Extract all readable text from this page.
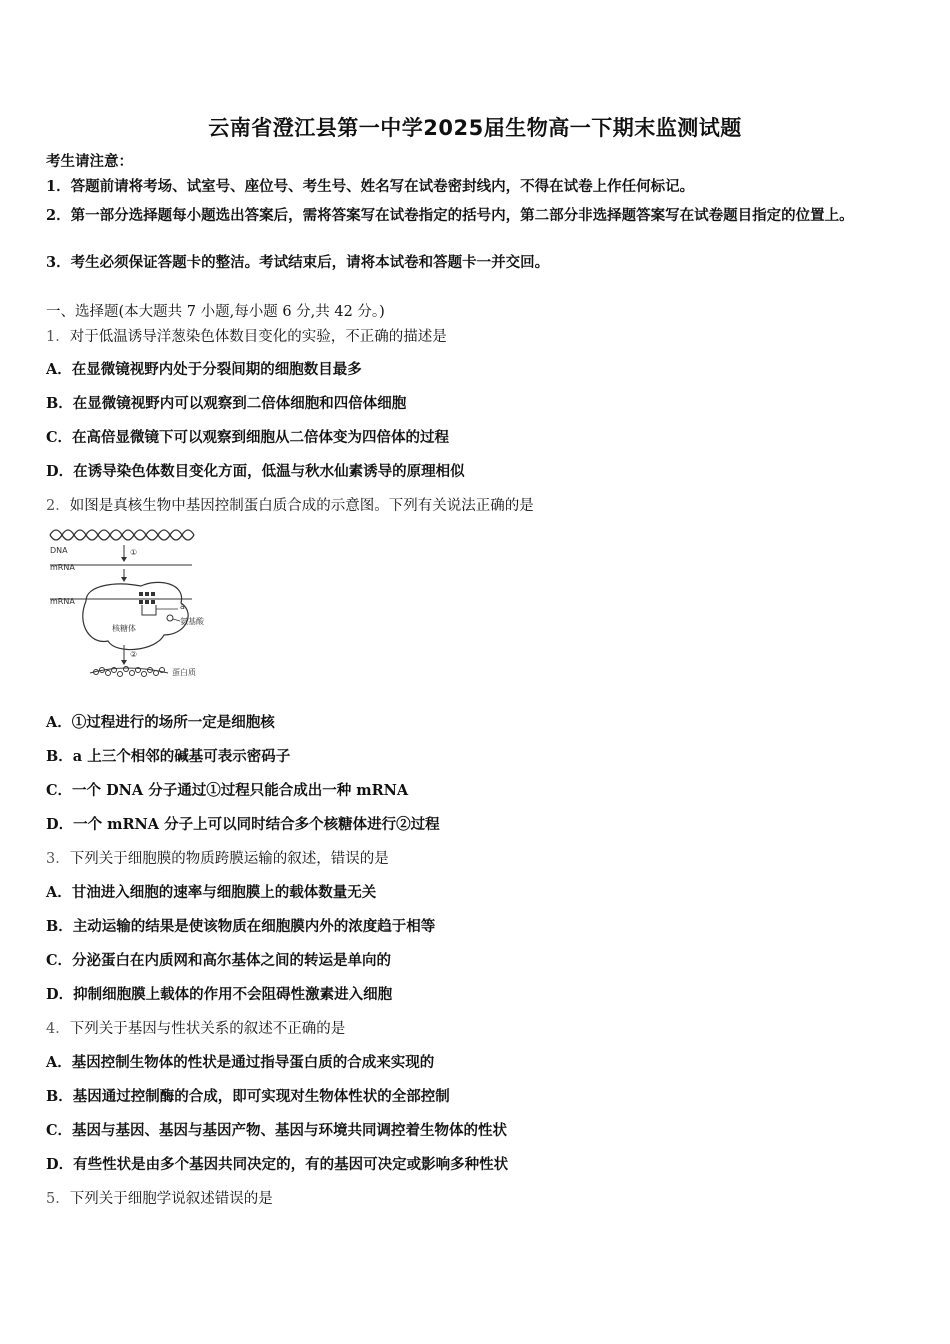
云南省澄江县第一中学2025届生物高一下期末监测试题
考生请注意：
1．答题前请将考场、试室号、座位号、考生号、姓名写在试卷密封线内，不得在试卷上作任何标记。
2．第一部分选择题每小题选出答案后，需将答案写在试卷指定的括号内，第二部分非选择题答案写在试卷题目指定的位置上。
3．考生必须保证答题卡的整洁。考试结束后，请将本试卷和答题卡一并交回。
一、选择题(本大题共 7 小题,每小题 6 分,共 42 分。)
1．对于低温诱导洋葱染色体数目变化的实验，不正确的描述是
A．在显微镜视野内处于分裂间期的细胞数目最多
B．在显微镜视野内可以观察到二倍体细胞和四倍体细胞
C．在高倍显微镜下可以观察到细胞从二倍体变为四倍体的过程
D．在诱导染色体数目变化方面，低温与秋水仙素诱导的原理相似
2．如图是真核生物中基因控制蛋白质合成的示意图。下列有关说法正确的是
DNA	①
mRNA
核糖体
mRNA
a
氨基酸
②
蛋白质
A．①过程进行的场所一定是细胞核
B．a 上三个相邻的碱基可表示密码子
C．一个 DNA 分子通过①过程只能合成出一种 mRNA
D．一个 mRNA 分子上可以同时结合多个核糖体进行②过程
3．下列关于细胞膜的物质跨膜运输的叙述，错误的是
A．甘油进入细胞的速率与细胞膜上的载体数量无关
B．主动运输的结果是使该物质在细胞膜内外的浓度趋于相等
C．分泌蛋白在内质网和高尔基体之间的转运是单向的
D．抑制细胞膜上载体的作用不会阻碍性激素进入细胞
4．下列关于基因与性状关系的叙述不正确的是
A．基因控制生物体的性状是通过指导蛋白质的合成来实现的
B．基因通过控制酶的合成，即可实现对生物体性状的全部控制
C．基因与基因、基因与基因产物、基因与环境共同调控着生物体的性状
D．有些性状是由多个基因共同决定的，有的基因可决定或影响多种性状
5．下列关于细胞学说叙述错误的是
